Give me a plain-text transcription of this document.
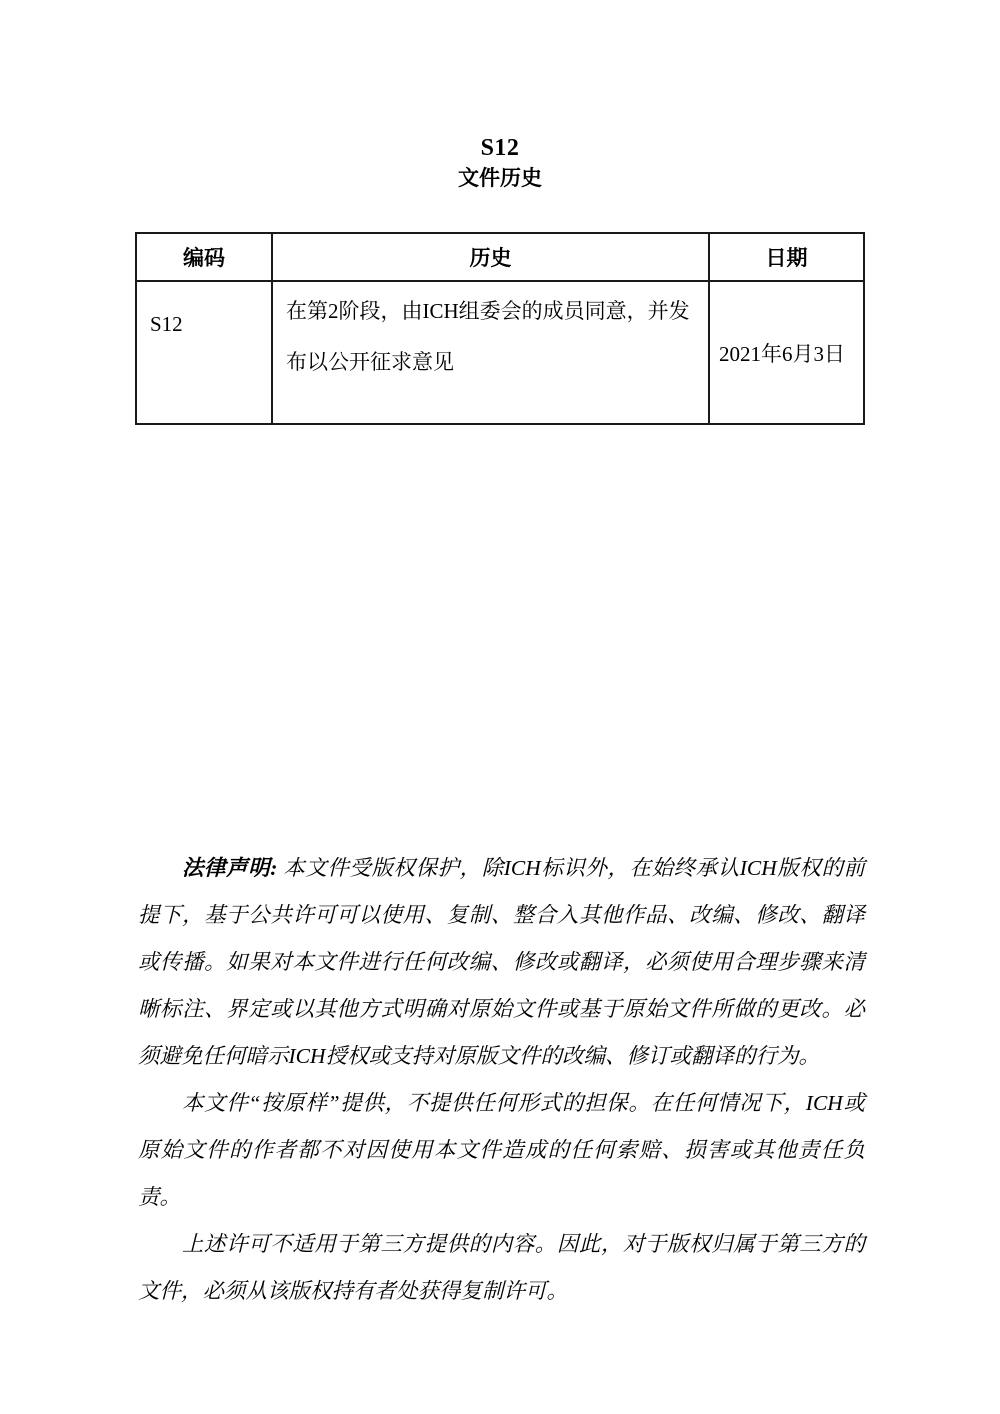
S12
文件历史
编码	历史	日期
S12	在第2阶段，由ICH组委会的成员同意，并发布以公开征求意见	2021年6月3日

法律声明: 本文件受版权保护，除ICH标识外，在始终承认ICH版权的前提下，基于公共许可可以使用、复制、整合入其他作品、改编、修改、翻译或传播。如果对本文件进行任何改编、修改或翻译，必须使用合理步骤来清晰标注、界定或以其他方式明确对原始文件或基于原始文件所做的更改。必须避免任何暗示ICH授权或支持对原版文件的改编、修订或翻译的行为。

本文件“按原样”提供，不提供任何形式的担保。在任何情况下，ICH或原始文件的作者都不对因使用本文件造成的任何索赔、损害或其他责任负责。

上述许可不适用于第三方提供的内容。因此，对于版权归属于第三方的文件，必须从该版权持有者处获得复制许可。
